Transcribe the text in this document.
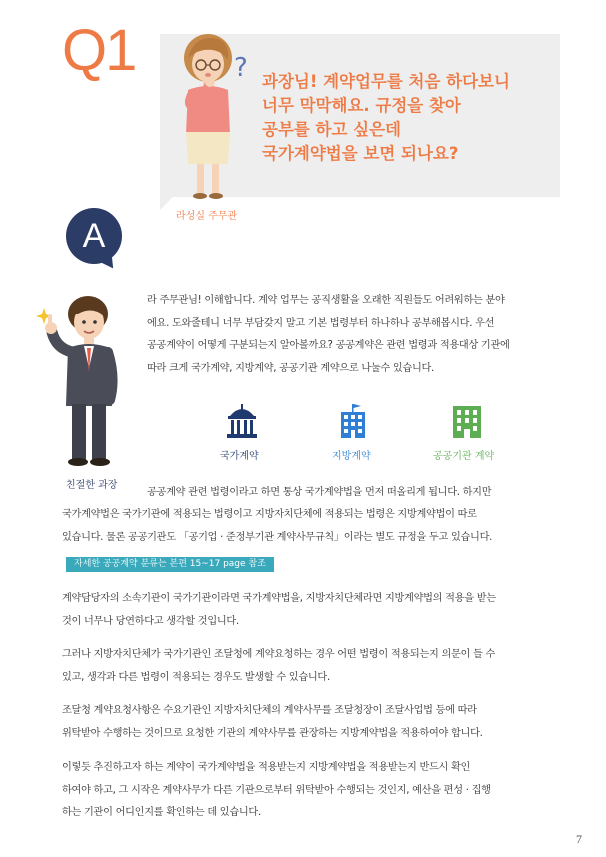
Q1	?
라성실 주무관
과장님! 계약업무를 처음 하다보니
너무 막막해요. 규정을 찾아
공부를 하고 싶은데
국가계약법을 보면 되나요?
A
친절한 과장
라 주무관님! 이해합니다. 계약 업무는 공직생활을 오래한 직원들도 어려워하는 분야
에요. 도와줄테니 너무 부담갖지 말고 기본 법령부터 하나하나 공부해봅시다. 우선
공공계약이 어떻게 구분되는지 알아볼까요? 공공계약은 관련 법령과 적용대상 기관에
따라 크게 국가계약, 지방계약, 공공기관 계약으로 나눌수 있습니다.
국가계약	지방계약	공공기관 계약
공공계약 관련 법령이라고 하면 통상 국가계약법을 먼저 떠올리게 됩니다. 하지만
국가계약법은 국가기관에 적용되는 법령이고 지방자치단체에 적용되는 법령은 지방계약법이 따로
있습니다. 물론 공공기관도 「공기업 · 준정부기관 계약사무규칙」이라는 별도 규정을 두고 있습니다.
자세한 공공계약 분류는 본편 15~17 page 참조
계약담당자의 소속기관이 국가기관이라면 국가계약법을, 지방자치단체라면 지방계약법의 적용을 받는
것이 너무나 당연하다고 생각할 것입니다.
그러나 지방자치단체가 국가기관인 조달청에 계약요청하는 경우 어떤 법령이 적용되는지 의문이 들 수
있고, 생각과 다른 법령이 적용되는 경우도 발생할 수 있습니다.
조달청 계약요청사항은 수요기관인 지방자치단체의 계약사무를 조달청장이 조달사업법 등에 따라
위탁받아 수행하는 것이므로 요청한 기관의 계약사무를 관장하는 지방계약법을 적용하여야 합니다.
이렇듯 추진하고자 하는 계약이 국가계약법을 적용받는지 지방계약법을 적용받는지 반드시 확인
하여야 하고, 그 시작은 계약사무가 다른 기관으로부터 위탁받아 수행되는 것인지, 예산을 편성 · 집행
하는 기관이 어디인지를 확인하는 데 있습니다.
7
